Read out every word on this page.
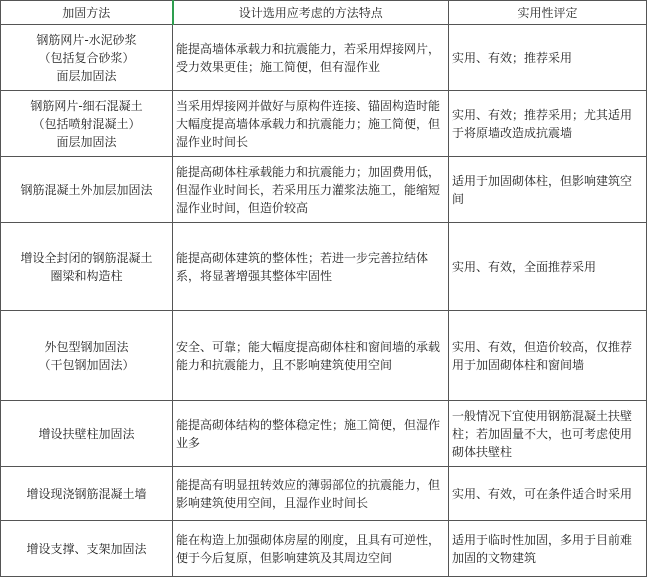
加固方法	设计选用应考虑的方法特点	实用性评定

钢筋网片-水泥砂浆
（包括复合砂浆）
面层加固法	能提高墙体承载力和抗震能力，若采用焊接网片，受力效果更佳；施工简便，但有湿作业	实用、有效；推荐采用

钢筋网片-细石混凝土
（包括喷射混凝土）
面层加固法	当采用焊接网并做好与原构件连接、锚固构造时能大幅度提高墙体承载力和抗震能力；施工简便，但湿作业时间长	实用、有效；推荐采用；尤其适用于将原墙改造成抗震墙

钢筋混凝土外加层加固法	能提高砌体柱承载能力和抗震能力；加固费用低，但湿作业时间长，若采用压力灌浆法施工，能缩短湿作业时间，但造价较高	适用于加固砌体柱，但影响建筑空间

增设全封闭的钢筋混凝土
圈梁和构造柱	能提高砌体建筑的整体性；若进一步完善拉结体系，将显著增强其整体牢固性	实用、有效，全面推荐采用

外包型钢加固法
（干包钢加固法）	安全、可靠；能大幅度提高砌体柱和窗间墙的承载能力和抗震能力，且不影响建筑使用空间	实用、有效，但造价较高，仅推荐用于加固砌体柱和窗间墙

增设扶壁柱加固法	能提高砌体结构的整体稳定性；施工简便，但湿作业多	一般情况下宜使用钢筋混凝土扶壁柱；若加固量不大，也可考虑使用砌体扶壁柱

增设现浇钢筋混凝土墙	能提高有明显扭转效应的薄弱部位的抗震能力，但影响建筑使用空间，且湿作业时间长	实用、有效，可在条件适合时采用

增设支撑、支架加固法	能在构造上加强砌体房屋的刚度，且具有可逆性，便于今后复原，但影响建筑及其周边空间	适用于临时性加固，多用于目前难加固的文物建筑
